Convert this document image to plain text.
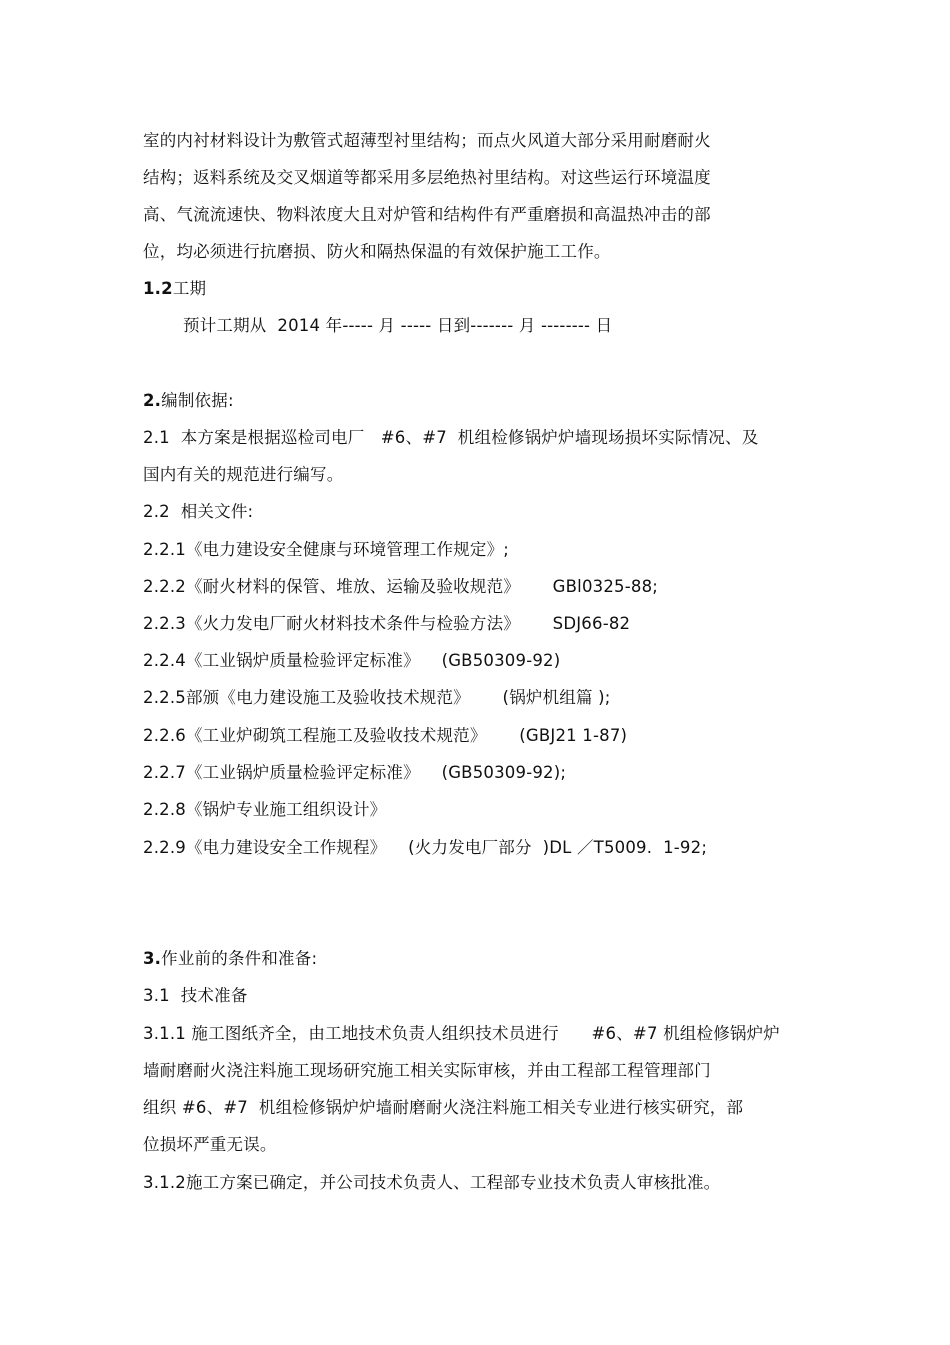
室的内衬材料设计为敷管式超薄型衬里结构；而点火风道大部分采用耐磨耐火
结构；返料系统及交叉烟道等都采用多层绝热衬里结构。对这些运行环境温度
高、气流流速快、物料浓度大且对炉管和结构件有严重磨损和高温热冲击的部
位，均必须进行抗磨损、防火和隔热保温的有效保护施工工作。
1.2工期
预计工期从  2014 年----- 月 ----- 日到------- 月 -------- 日
2.编制依据:
2.1  本方案是根据巡检司电厂   #6、#7  机组检修锅炉炉墙现场损坏实际情况、及
国内有关的规范进行编写。
2.2  相关文件:
2.2.1《电力建设安全健康与环境管理工作规定》;
2.2.2《耐火材料的保管、堆放、运输及验收规范》      GBl0325-88;
2.2.3《火力发电厂耐火材料技术条件与检验方法》      SDJ66-82
2.2.4《工业锅炉质量检验评定标准》    (GB50309-92)
2.2.5部颁《电力建设施工及验收技术规范》      (锅炉机组篇 );
2.2.6《工业炉砌筑工程施工及验收技术规范》      (GBJ21 1-87)
2.2.7《工业锅炉质量检验评定标准》    (GB50309-92);
2.2.8《锅炉专业施工组织设计》
2.2.9《电力建设安全工作规程》    (火力发电厂部分  )DL ／T5009.  1-92;
3.作业前的条件和准备:
3.1  技术准备
3.1.1 施工图纸齐全，由工地技术负责人组织技术员进行      #6、#7 机组检修锅炉炉
墙耐磨耐火浇注料施工现场研究施工相关实际审核，并由工程部工程管理部门
组织 #6、#7  机组检修锅炉炉墙耐磨耐火浇注料施工相关专业进行核实研究，部
位损坏严重无误。
3.1.2施工方案已确定，并公司技术负责人、工程部专业技术负责人审核批准。
